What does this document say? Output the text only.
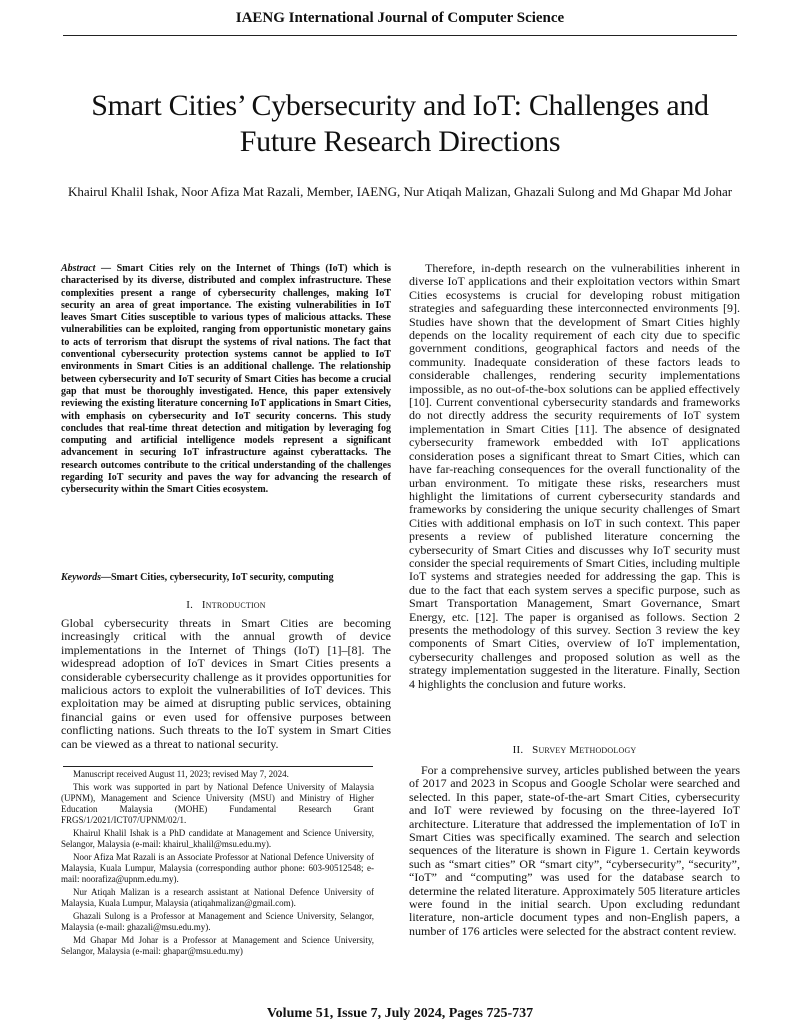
IAENG International Journal of Computer Science
Smart Cities’ Cybersecurity and IoT: Challenges and
Future Research Directions
Khairul Khalil Ishak, Noor Afiza Mat Razali, Member, IAENG, Nur Atiqah Malizan, Ghazali Sulong and Md Ghapar Md Johar
Abstract — Smart Cities rely on the Internet of Things (IoT) which is characterised by its diverse, distributed and complex infrastructure. These complexities present a range of cybersecurity challenges, making IoT security an area of great importance. The existing vulnerabilities in IoT leaves Smart Cities susceptible to various types of malicious attacks. These vulnerabilities can be exploited, ranging from opportunistic monetary gains to acts of terrorism that disrupt the systems of rival nations. The fact that conventional cybersecurity protection systems cannot be applied to IoT environments in Smart Cities is an additional challenge. The relationship between cybersecurity and IoT security of Smart Cities has become a crucial gap that must be thoroughly investigated. Hence, this paper extensively reviewing the existing literature concerning IoT applications in Smart Cities, with emphasis on cybersecurity and IoT security concerns. This study concludes that real-time threat detection and mitigation by leveraging fog computing and artificial intelligence models represent a significant advancement in securing IoT infrastructure against cyberattacks. The research outcomes contribute to the critical understanding of the challenges regarding IoT security and paves the way for advancing the research of cybersecurity within the Smart Cities ecosystem.
Keywords—Smart Cities, cybersecurity, IoT security, computing
I. Introduction

Global cybersecurity threats in Smart Cities are becoming increasingly critical with the annual growth of device implementations in the Internet of Things (IoT) [1]–[8]. The widespread adoption of IoT devices in Smart Cities presents a considerable cybersecurity challenge as it provides opportunities for malicious actors to exploit the vulnerabilities of IoT devices. This exploitation may be aimed at disrupting public services, obtaining financial gains or even used for offensive purposes between conflicting nations. Such threats to the IoT system in Smart Cities can be viewed as a threat to national security.

Manuscript received August 11, 2023; revised May 7, 2024.

This work was supported in part by National Defence University of Malaysia (UPNM), Management and Science University (MSU) and Ministry of Higher Education Malaysia (MOHE) Fundamental Research Grant FRGS/1/2021/ICT07/UPNM/02/1.

Khairul Khalil Ishak is a PhD candidate at Management and Science University, Selangor, Malaysia (e-mail: khairul_khalil@msu.edu.my).

Noor Afiza Mat Razali is an Associate Professor at National Defence University of Malaysia, Kuala Lumpur, Malaysia (corresponding author phone: 603-90512548; e-mail: noorafiza@upnm.edu.my).

Nur Atiqah Malizan is a research assistant at National Defence University of Malaysia, Kuala Lumpur, Malaysia (atiqahmalizan@gmail.com).

Ghazali Sulong is a Professor at Management and Science University, Selangor, Malaysia (e-mail: ghazali@msu.edu.my).

Md Ghapar Md Johar is a Professor at Management and Science University, Selangor, Malaysia (e-mail: ghapar@msu.edu.my)

Therefore, in-depth research on the vulnerabilities inherent in diverse IoT applications and their exploitation vectors within Smart Cities ecosystems is crucial for developing robust mitigation strategies and safeguarding these interconnected environments [9]. Studies have shown that the development of Smart Cities highly depends on the locality requirement of each city due to specific government conditions, geographical factors and needs of the community. Inadequate consideration of these factors leads to considerable challenges, rendering security implementations impossible, as no out-of-the-box solutions can be applied effectively [10]. Current conventional cybersecurity standards and frameworks do not directly address the security requirements of IoT system implementation in Smart Cities [11]. The absence of designated cybersecurity framework embedded with IoT applications consideration poses a significant threat to Smart Cities, which can have far-reaching consequences for the overall functionality of the urban environment. To mitigate these risks, researchers must highlight the limitations of current cybersecurity standards and frameworks by considering the unique security challenges of Smart Cities with additional emphasis on IoT in such context. This paper presents a review of published literature concerning the cybersecurity of Smart Cities and discusses why IoT security must consider the special requirements of Smart Cities, including multiple IoT systems and strategies needed for addressing the gap. This is due to the fact that each system serves a specific purpose, such as Smart Transportation Management, Smart Governance, Smart Energy, etc. [12]. The paper is organised as follows. Section 2 presents the methodology of this survey. Section 3 review the key components of Smart Cities, overview of IoT implementation, cybersecurity challenges and proposed solution as well as the strategy implementation suggested in the literature. Finally, Section 4 highlights the conclusion and future works.

II. Survey Methodology

For a comprehensive survey, articles published between the years of 2017 and 2023 in Scopus and Google Scholar were searched and selected. In this paper, state-of-the-art Smart Cities, cybersecurity and IoT were reviewed by focusing on the three-layered IoT architecture. Literature that addressed the implementation of IoT in Smart Cities was specifically examined. The search and selection sequences of the literature is shown in Figure 1. Certain keywords such as “smart cities” OR “smart city”, “cybersecurity”, “security”, “IoT” and “computing” was used for the database search to determine the related literature. Approximately 505 literature articles were found in the initial search. Upon excluding redundant literature, non-article document types and non-English papers, a number of 176 articles were selected for the abstract content review.

Volume 51, Issue 7, July 2024, Pages 725-737
